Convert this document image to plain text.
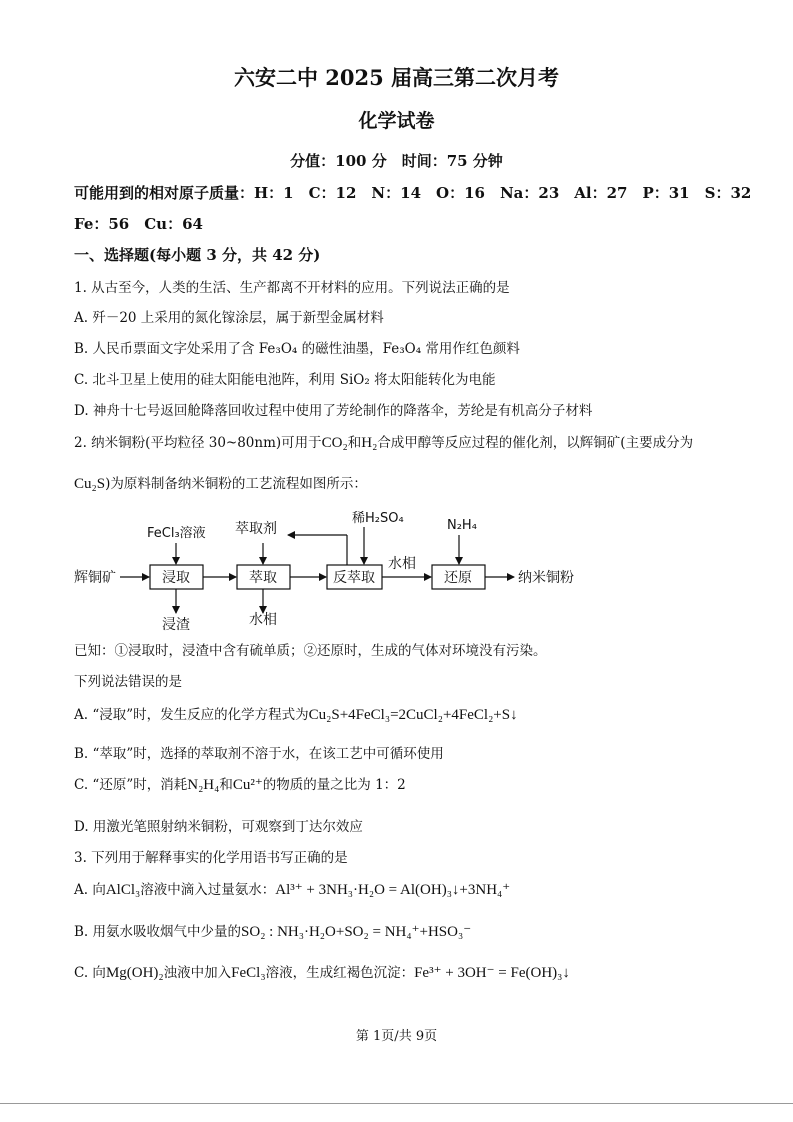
六安二中 2025 届高三第二次月考
化学试卷
分值：100 分　时间：75 分钟
可能用到的相对原子质量：H：1　C：12　N：14　O：16　Na：23　Al：27　P：31　S：32
Fe：56　Cu：64
一、选择题(每小题 3 分，共 42 分)
1. 从古至今，人类的生活、生产都离不开材料的应用。下列说法正确的是
A. 歼－20 上采用的氮化镓涂层，属于新型金属材料
B. 人民币票面文字处采用了含 Fe₃O₄ 的磁性油墨，Fe₃O₄ 常用作红色颜料
C. 北斗卫星上使用的硅太阳能电池阵，利用 SiO₂ 将太阳能转化为电能
D. 神舟十七号返回舱降落回收过程中使用了芳纶制作的降落伞，芳纶是有机高分子材料
2. 纳米铜粉(平均粒径 30~80nm)可用于CO₂和H₂合成甲醇等反应过程的催化剂，以辉铜矿(主要成分为
Cu₂S)为原料制备纳米铜粉的工艺流程如图所示：
辉铜矿	浸取	萃取	反萃取	还原	纳米铜粉
FeCl₃溶液 萃取剂
稀H₂SO₄	N₂H₄
水相
浸渣	水相
已知：①浸取时，浸渣中含有硫单质；②还原时，生成的气体对环境没有污染。
下列说法错误的是
A. “浸取”时，发生反应的化学方程式为Cu₂S+4FeCl₃=2CuCl₂+4FeCl₂+S↓
B. “萃取”时，选择的萃取剂不溶于水，在该工艺中可循环使用
C. “还原”时，消耗N₂H₄和Cu²⁺的物质的量之比为 1：2
D. 用激光笔照射纳米铜粉，可观察到丁达尔效应
3. 下列用于解释事实的化学用语书写正确的是
A. 向AlCl₃溶液中滴入过量氨水：Al³⁺ + 3NH₃·H₂O = Al(OH)₃↓+3NH₄⁺
B. 用氨水吸收烟气中少量的SO₂ : NH₃·H₂O+SO₂ = NH₄⁺+HSO₃⁻
C. 向Mg(OH)₂浊液中加入FeCl₃溶液，生成红褐色沉淀：Fe³⁺ + 3OH⁻ = Fe(OH)₃↓
第 1页/共 9页
